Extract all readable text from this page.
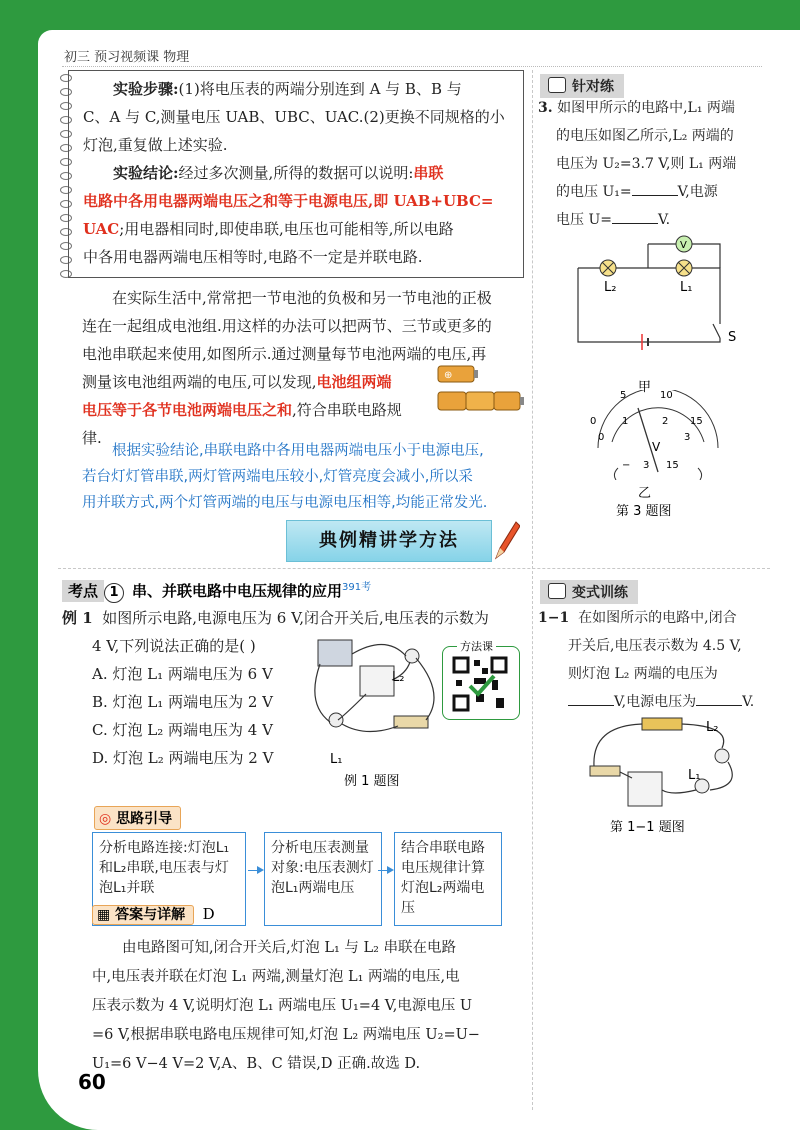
初三 预习视频课 物理
实验步骤:(1)将电压表的两端分别连到 A 与 B、B 与
C、A 与 C,测量电压 UAB、UBC、UAC.(2)更换不同规格的小
灯泡,重复做上述实验.
实验结论:经过多次测量,所得的数据可以说明:串联
电路中各用电器两端电压之和等于电源电压,即 UAB+UBC=
UAC;用电器相同时,即使串联,电压也可能相等,所以电路
中各用电器两端电压相等时,电路不一定是并联电路.
在实际生活中,常常把一节电池的负极和另一节电池的正极
连在一起组成电池组.用这样的办法可以把两节、三节或更多的
电池串联起来使用,如图所示.通过测量每节电池两端的电压,再
测量该电池组两端的电压,可以发现,电池组两端
电压等于各节电池两端电压之和,符合串联电路规
律.
⊕
根据实验结论,串联电路中各用电器两端电压小于电源电压,
若台灯灯管串联,两灯管两端电压较小,灯管亮度会减小,所以采
用并联方式,两个灯管两端的电压与电源电压相等,均能正常发光.
典例精讲学方法
针对练
3. 如图甲所示的电路中,L₁ 两端
的电压如图乙所示,L₂ 两端的
电压为 U₂=3.7 V,则 L₁ 两端
的电压 U₁=	V,电源
电压 U=	V.
V
L₂	L₁
S
甲
0
5	10
15
0
1	2
3
V
− 3 15
乙
第 3 题图
考点 1 串、并联电路中电压规律的应用$^{391考}$
例 1 如图所示电路,电源电压为 6 V,闭合开关后,电压表的示数为
4 V,下列说法正确的是( )
A. 灯泡 L₁ 两端电压为 6 V
B. 灯泡 L₁ 两端电压为 2 V
C. 灯泡 L₂ 两端电压为 4 V
D. 灯泡 L₂ 两端电压为 2 V
L₂
L₁
例 1 题图
方法课
◎ 思路引导
分析电路连接:灯泡L₁和L₂串联,电压表与灯泡L₁并联
分析电压表测量对象:电压表测灯泡L₁两端电压
结合串联电路电压规律计算灯泡L₂两端电压
▦ 答案与详解 D
由电路图可知,闭合开关后,灯泡 L₁ 与 L₂ 串联在电路
中,电压表并联在灯泡 L₁ 两端,测量灯泡 L₁ 两端的电压,电
压表示数为 4 V,说明灯泡 L₁ 两端电压 U₁=4 V,电源电压 U
=6 V,根据串联电路电压规律可知,灯泡 L₂ 两端电压 U₂=U−
U₁=6 V−4 V=2 V,A、B、C 错误,D 正确.故选 D.
变式训练
1−1 在如图所示的电路中,闭合
开关后,电压表示数为 4.5 V,
则灯泡 L₂ 两端的电压为
V,电源电压为	V.
L₂
L₁
第 1−1 题图
60
